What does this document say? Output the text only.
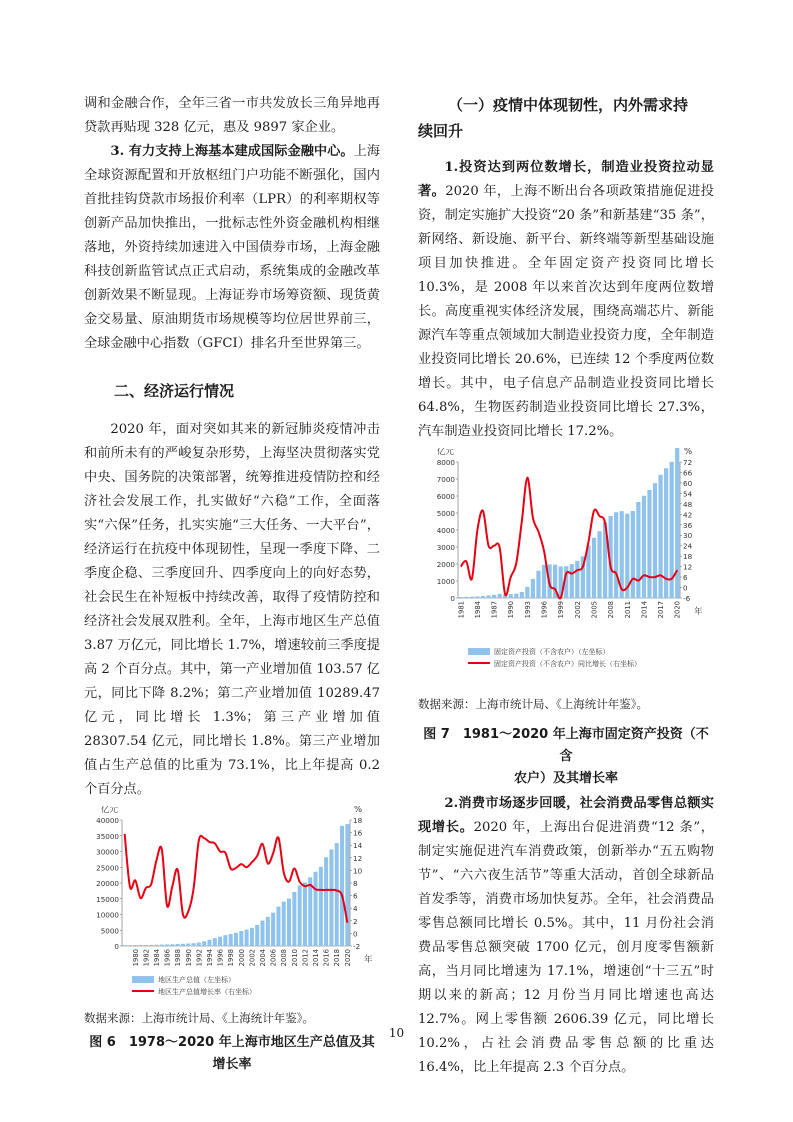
调和金融合作，全年三省一市共发放长三角异地再贷款再贴现 328 亿元，惠及 9897 家企业。

3. 有力支持上海基本建成国际金融中心。上海全球资源配置和开放枢纽门户功能不断强化，国内首批挂钩贷款市场报价利率（LPR）的利率期权等创新产品加快推出，一批标志性外资金融机构相继落地，外资持续加速进入中国债券市场，上海金融科技创新监管试点正式启动，系统集成的金融改革创新效果不断显现。上海证券市场筹资额、现货黄金交易量、原油期货市场规模等均位居世界前三，全球金融中心指数（GFCI）排名升至世界第三。

二、经济运行情况

2020 年，面对突如其来的新冠肺炎疫情冲击和前所未有的严峻复杂形势，上海坚决贯彻落实党中央、国务院的决策部署，统筹推进疫情防控和经济社会发展工作，扎实做好“六稳”工作，全面落实“六保”任务，扎实实施“三大任务、一大平台”，经济运行在抗疫中体现韧性，呈现一季度下降、二季度企稳、三季度回升、四季度向上的向好态势，社会民生在补短板中持续改善，取得了疫情防控和经济社会发展双胜利。全年，上海市地区生产总值 3.87 万亿元，同比增长 1.7%，增速较前三季度提高 2 个百分点。其中，第一产业增加值 103.57 亿元，同比下降 8.2%；第二产业增加值 10289.47 亿元，同比增长 1.3%；第三产业增加值 28307.54 亿元，同比增长 1.8%。第三产业增加值占生产总值的比重为 73.1%，比上年提高 0.2 个百分点。

亿元	%
40000
35000
30000
25000
20000
15000
10000
5000
0
18
16
14
12
10
8
6
4
2
0
-2
1980 1982 1984 1986 1988 1990 1992 1994 1996 1998 2000 2002 2004 2006 2008 2010 2012 2014 2016 2018 2020 年
地区生产总值（左坐标）
地区生产总值增长率（右坐标）

数据来源：上海市统计局、《上海统计年鉴》。

图 6　1978～2020 年上海市地区生产总值及其
增长率

（一）疫情中体现韧性，内外需求持
续回升

1.投资达到两位数增长，制造业投资拉动显著。2020 年，上海不断出台各项政策措施促进投资，制定实施扩大投资“20 条”和新基建“35 条”，新网络、新设施、新平台、新终端等新型基础设施项目加快推进。全年固定资产投资同比增长 10.3%，是 2008 年以来首次达到年度两位数增长。高度重视实体经济发展，围绕高端芯片、新能源汽车等重点领域加大制造业投资力度，全年制造业投资同比增长 20.6%，已连续 12 个季度两位数增长。其中，电子信息产品制造业投资同比增长 64.8%，生物医药制造业投资同比增长 27.3%，汽车制造业投资同比增长 17.2%。

亿元	%
8000
7000
6000
5000
4000
3000
2000
1000
0
72
66
60
54
48
42
36
30
24
18
12
6
0
-6
1981 1984 1987 1990 1993 1996 1999 2002 2005 2008 2011 2014 2017 2020 年
固定资产投资（不含农户）（左坐标）
固定资产投资（不含农户）同比增长（右坐标）

数据来源：上海市统计局、《上海统计年鉴》。

图 7　1981～2020 年上海市固定资产投资（不含
农户）及其增长率

2.消费市场逐步回暖，社会消费品零售总额实现增长。2020 年，上海出台促进消费“12 条”，制定实施促进汽车消费政策，创新举办“五五购物节”、“六六夜生活节”等重大活动，首创全球新品首发季等，消费市场加快复苏。全年，社会消费品零售总额同比增长 0.5%。其中，11 月份社会消费品零售总额突破 1700 亿元，创月度零售额新高，当月同比增速为 17.1%，增速创“十三五”时期以来的新高；12 月份当月同比增速也高达 12.7%。网上零售额 2606.39 亿元，同比增长 10.2%，占社会消费品零售总额的比重达 16.4%，比上年提高 2.3 个百分点。

10
